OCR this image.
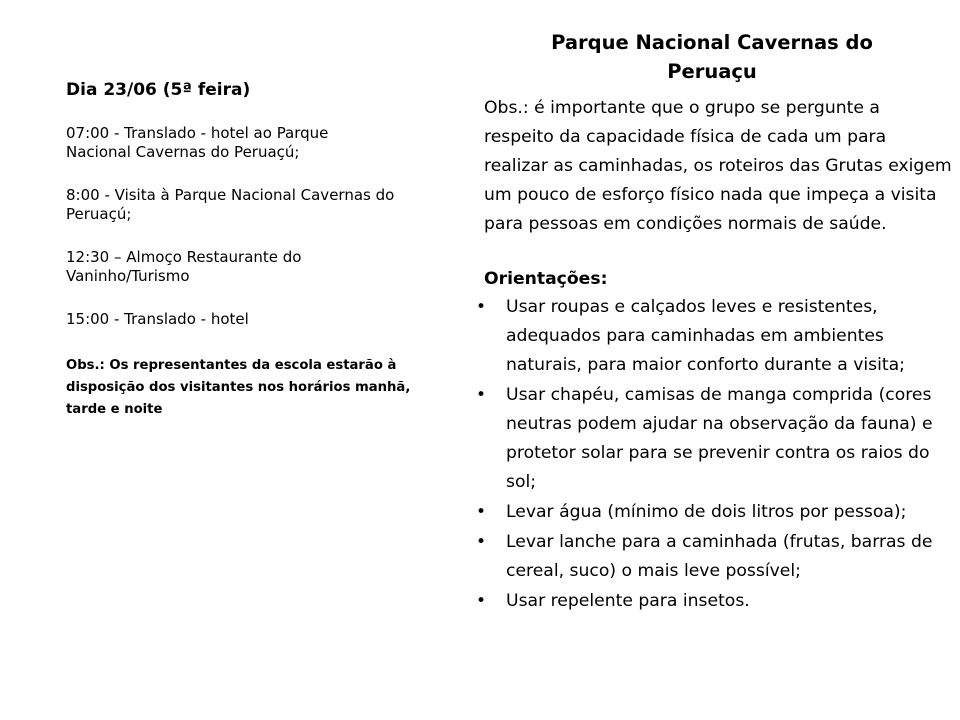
Dia 23/06 (5ª feira)
07:00 - Translado - hotel ao Parque Nacional Cavernas do Peruaçú;
8:00 - Visita à Parque Nacional Cavernas do Peruaçú;
12:30 – Almoço Restaurante do Vaninho/Turismo
15:00 - Translado - hotel
Obs.: Os representantes da escola estarão à disposição dos visitantes nos horários manhã, tarde e noite
Parque Nacional Cavernas do Peruaçu
Obs.: é importante que o grupo se pergunte a respeito da capacidade física de cada um para realizar as caminhadas, os roteiros das Grutas exigem um pouco de esforço físico nada que impeça a visita para pessoas em condições normais de saúde.
Orientações:
• Usar roupas e calçados leves e resistentes, adequados para caminhadas em ambientes naturais, para maior conforto durante a visita;
• Usar chapéu, camisas de manga comprida (cores neutras podem ajudar na observação da fauna) e protetor solar para se prevenir contra os raios do sol;
• Levar água (mínimo de dois litros por pessoa);
• Levar lanche para a caminhada (frutas, barras de cereal, suco) o mais leve possível;
• Usar repelente para insetos.
